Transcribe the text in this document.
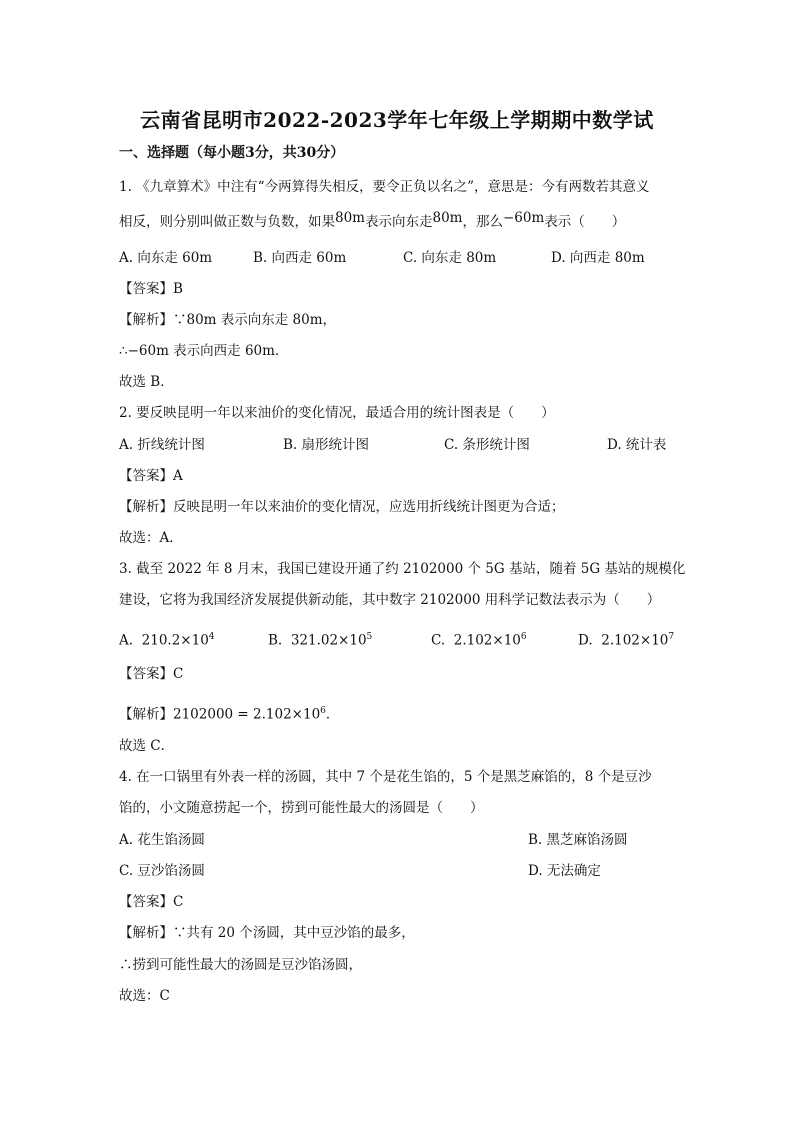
云南省昆明市2022-2023学年七年级上学期期中数学试
一、选择题（每小题3分，共30分）
1. 《九章算术》中注有“今两算得失相反，要令正负以名之”，意思是：今有两数若其意义
相反，则分别叫做正数与负数，如果80m表示向东走80m，那么−60m表示（　　）
A. 向东走 60m	B. 向西走 60m	C. 向东走 80m	D. 向西走 80m
【答案】B
【解析】∵80m 表示向东走 80m，
∴−60m 表示向西走 60m．
故选 B．
2. 要反映昆明一年以来油价的变化情况，最适合用的统计图表是（　　）
A. 折线统计图	B. 扇形统计图	C. 条形统计图	D. 统计表
【答案】A
【解析】反映昆明一年以来油价的变化情况，应选用折线统计图更为合适；
故选：A．
3. 截至 2022 年 8 月末，我国已建设开通了约 2102000 个 5G 基站，随着 5G 基站的规模化
建设，它将为我国经济发展提供新动能，其中数字 2102000 用科学记数法表示为（　　）
A. $210.2\times 10^4$	B. $321.02\times 10^5$	C. $2.102\times 10^6$	D. $2.102\times 10^7$
【答案】C
【解析】$2102000 = 2.102\times 10^6$．
故选 C．
4. 在一口锅里有外表一样的汤圆，其中 7 个是花生馅的，5 个是黑芝麻馅的，8 个是豆沙
馅的，小文随意捞起一个，捞到可能性最大的汤圆是（　　）
A. 花生馅汤圆	B. 黑芝麻馅汤圆
C. 豆沙馅汤圆	D. 无法确定
【答案】C
【解析】∵共有 20 个汤圆，其中豆沙馅的最多，
∴捞到可能性最大的汤圆是豆沙馅汤圆，
故选：C
